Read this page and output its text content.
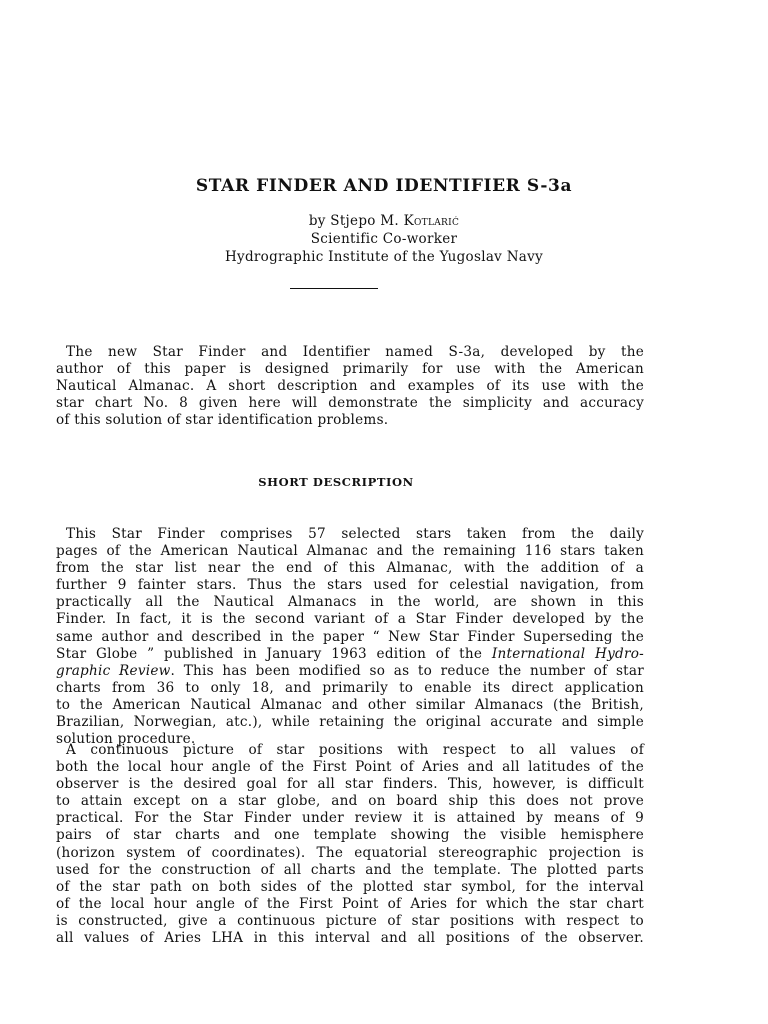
STAR FINDER AND IDENTIFIER S-3a
by Stjepo M. Kotlarić
Scientific Co-worker
Hydrographic Institute of the Yugoslav Navy
The new Star Finder and Identifier named S-3a, developed by the
author of this paper is designed primarily for use with the American
Nautical Almanac. A short description and examples of its use with the
star chart No. 8 given here will demonstrate the simplicity and accuracy
of this solution of star identification problems.
SHORT DESCRIPTION
This Star Finder comprises 57 selected stars taken from the daily
pages of the American Nautical Almanac and the remaining 116 stars taken
from the star list near the end of this Almanac, with the addition of a
further 9 fainter stars. Thus the stars used for celestial navigation, from
practically all the Nautical Almanacs in the world, are shown in this
Finder. In fact, it is the second variant of a Star Finder developed by the
same author and described in the paper “ New Star Finder Superseding the
Star Globe ” published in January 1963 edition of the International Hydro-
graphic Review. This has been modified so as to reduce the number of star
charts from 36 to only 18, and primarily to enable its direct application
to the American Nautical Almanac and other similar Almanacs (the British,
Brazilian, Norwegian, atc.), while retaining the original accurate and simple
solution procedure.
A continuous picture of star positions with respect to all values of
both the local hour angle of the First Point of Aries and all latitudes of the
observer is the desired goal for all star finders. This, however, is difficult
to attain except on a star globe, and on board ship this does not prove
practical. For the Star Finder under review it is attained by means of 9
pairs of star charts and one template showing the visible hemisphere
(horizon system of coordinates). The equatorial stereographic projection is
used for the construction of all charts and the template. The plotted parts
of the star path on both sides of the plotted star symbol, for the interval
of the local hour angle of the First Point of Aries for which the star chart
is constructed, give a continuous picture of star positions with respect to
all values of Aries LHA in this interval and all positions of the observer.
